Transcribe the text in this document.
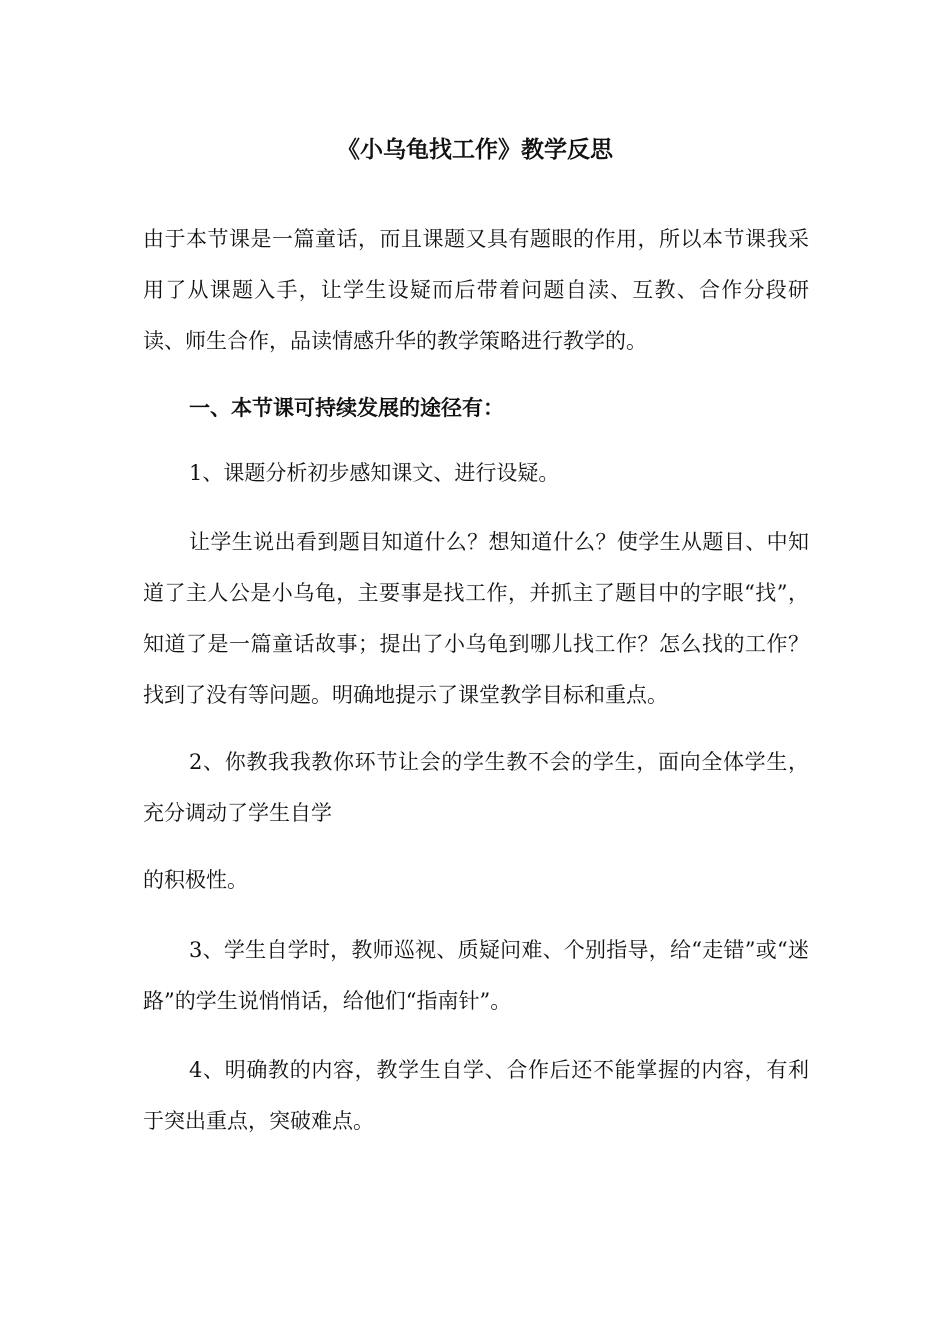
《小乌龟找工作》教学反思

由于本节课是一篇童话，而且课题又具有题眼的作用，所以本节课我采用了从课题入手，让学生设疑而后带着问题自渎、互教、合作分段研读、师生合作，品读情感升华的教学策略进行教学的。

一、本节课可持续发展的途径有：

1、课题分析初步感知课文、进行设疑。

让学生说出看到题目知道什么？想知道什么？使学生从题目、中知道了主人公是小乌龟，主要事是找工作，并抓主了题目中的字眼“找”，知道了是一篇童话故事；提出了小乌龟到哪儿找工作？怎么找的工作？找到了没有等问题。明确地提示了课堂教学目标和重点。

2、你教我我教你环节让会的学生教不会的学生，面向全体学生，充分调动了学生自学

的积极性。

3、学生自学时，教师巡视、质疑问难、个别指导，给“走错”或“迷路”的学生说悄悄话，给他们“指南针”。

4、明确教的内容，教学生自学、合作后还不能掌握的内容，有利于突出重点，突破难点。
